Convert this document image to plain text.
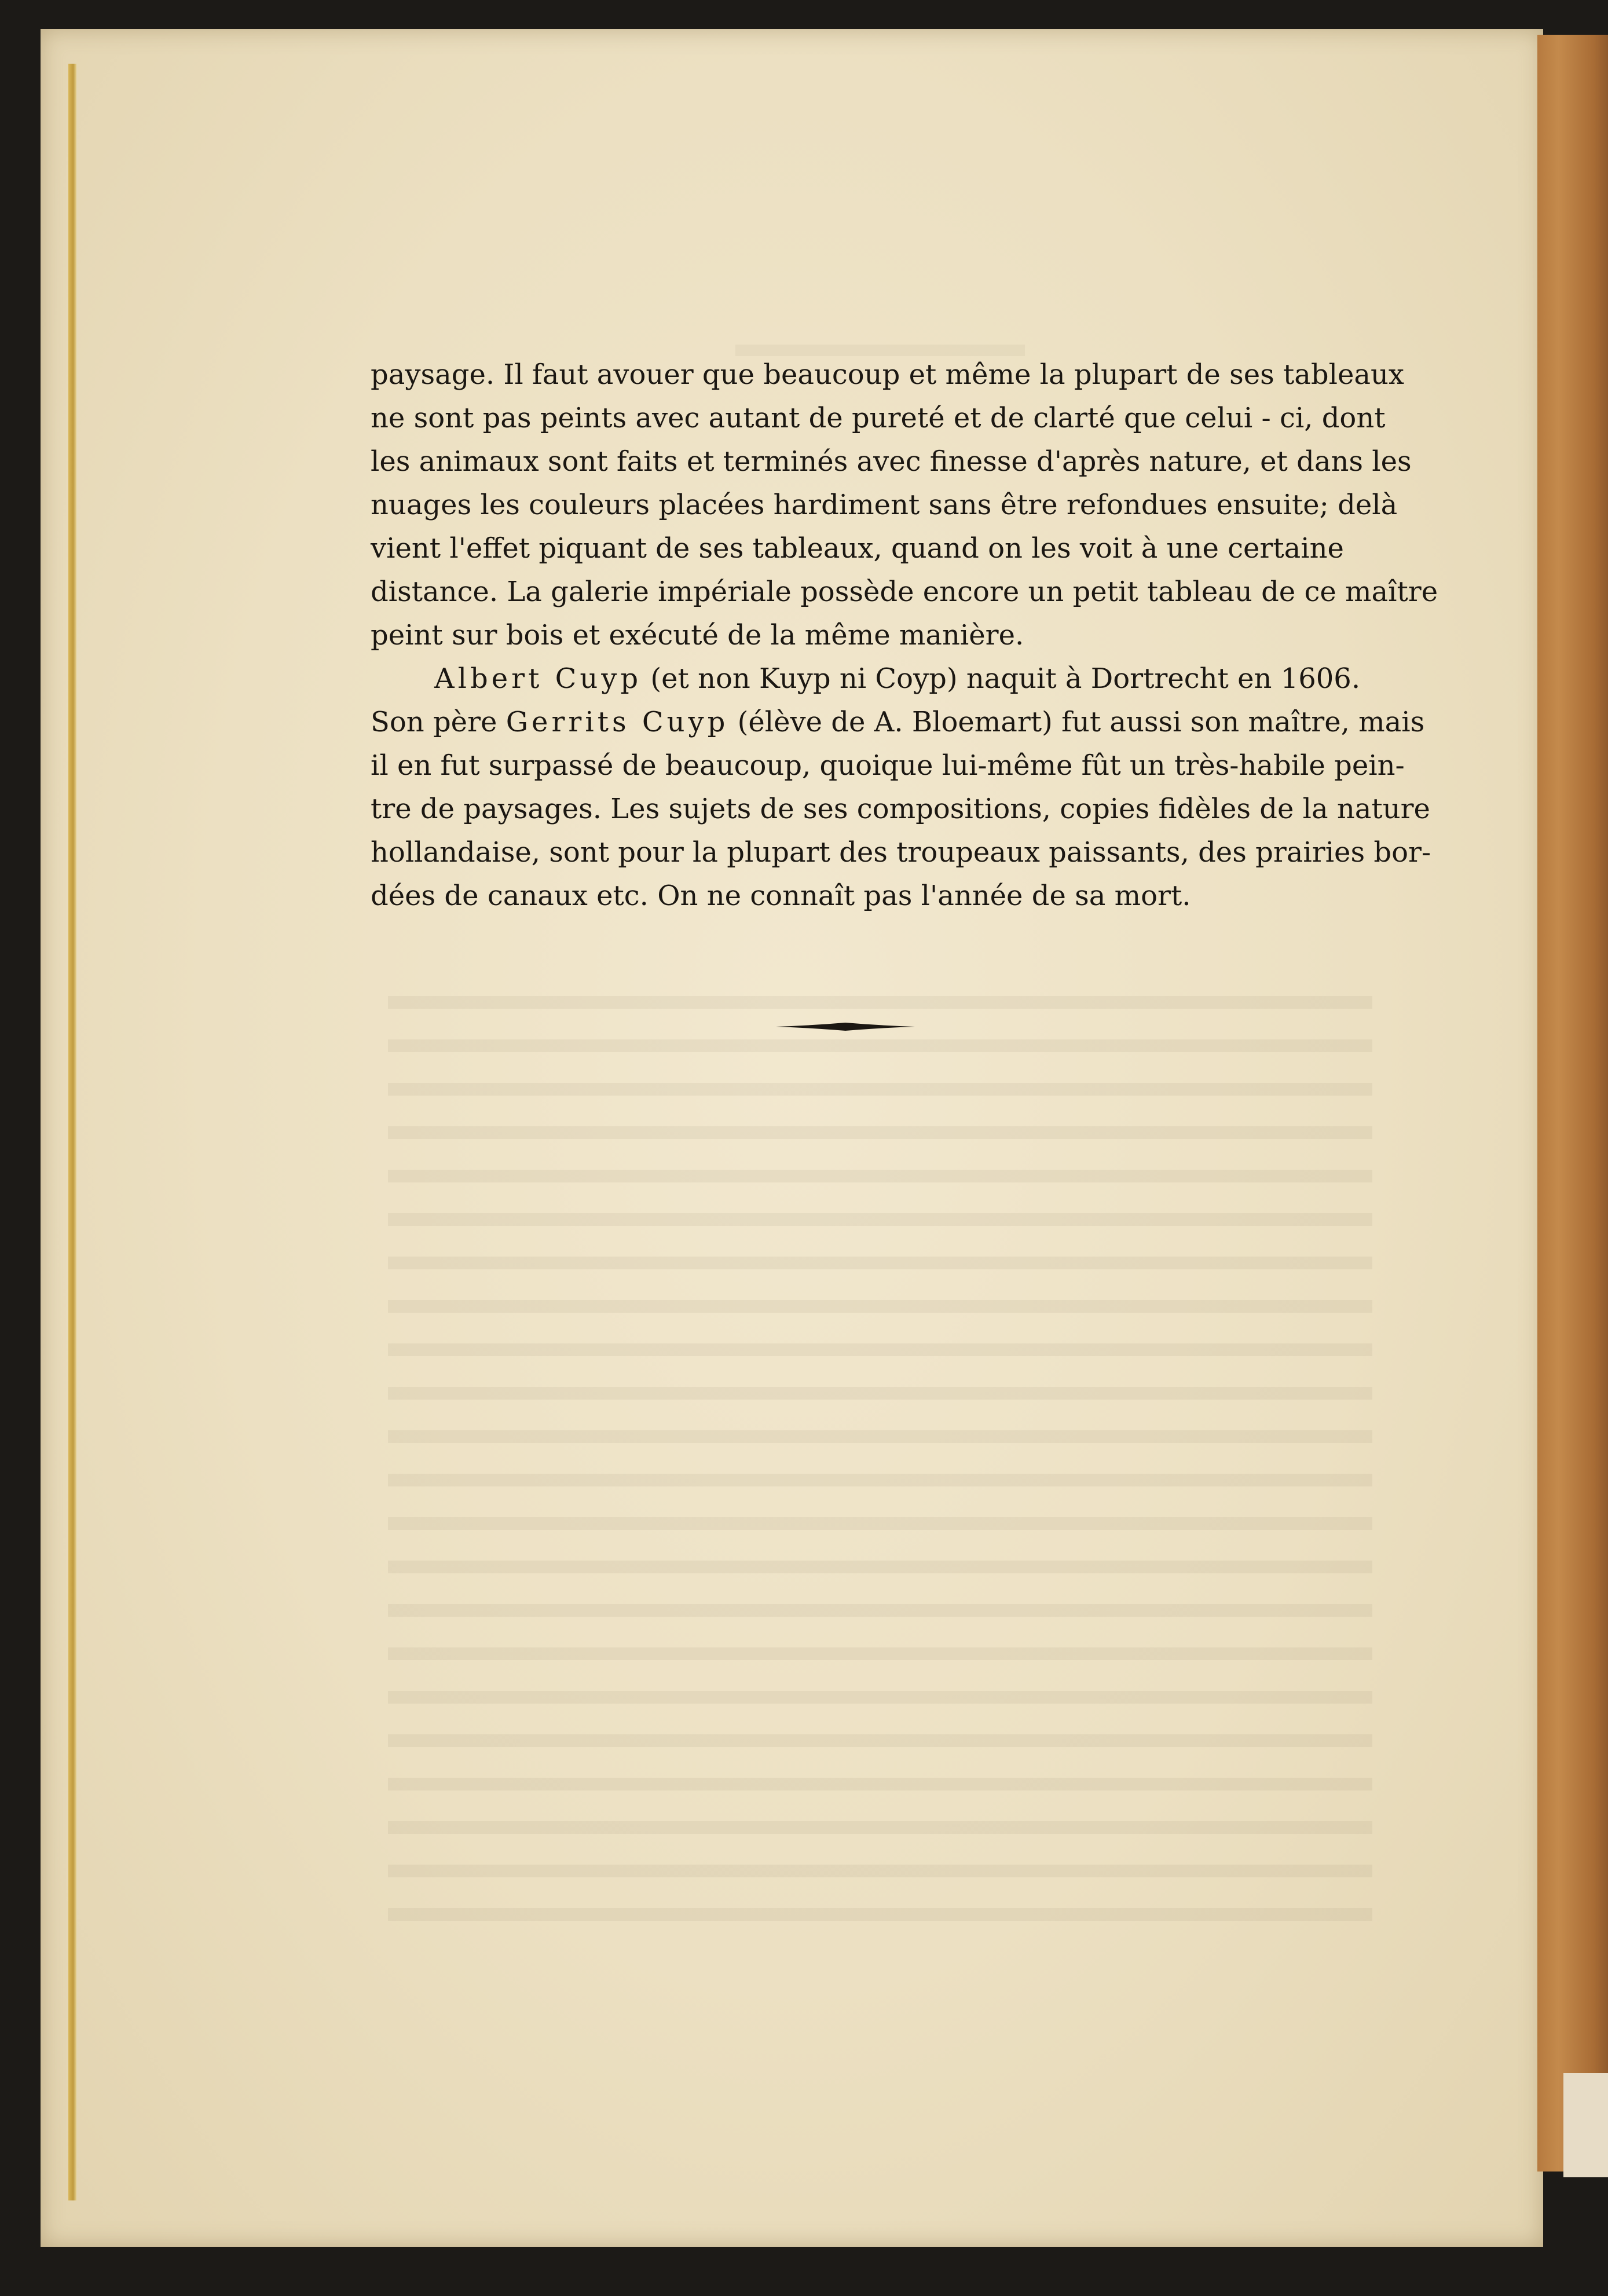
paysage. Il faut avouer que beaucoup et même la plupart de ses tableaux
ne sont pas peints avec autant de pureté et de clarté que celui - ci, dont
les animaux sont faits et terminés avec finesse d'après nature, et dans les
nuages les couleurs placées hardiment sans être refondues ensuite; delà
vient l'effet piquant de ses tableaux, quand on les voit à une certaine
distance. La galerie impériale possède encore un petit tableau de ce maître
peint sur bois et exécuté de la même manière.
Albert Cuyp (et non Kuyp ni Coyp) naquit à Dortrecht en 1606.
Son père Gerrits Cuyp (élève de A. Bloemart) fut aussi son maître, mais
il en fut surpassé de beaucoup, quoique lui-même fût un très-habile pein-
tre de paysages. Les sujets de ses compositions, copies fidèles de la nature
hollandaise, sont pour la plupart des troupeaux paissants, des prairies bor-
dées de canaux etc. On ne connaît pas l'année de sa mort.
